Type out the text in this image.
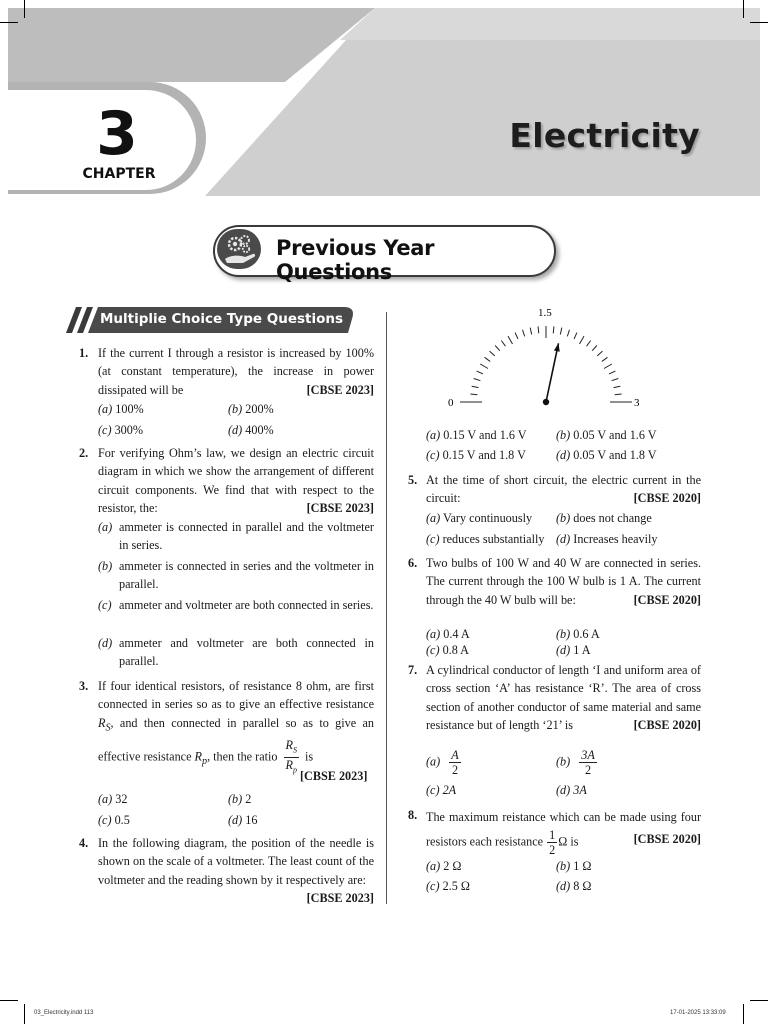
3
CHAPTER
Electricity
Previous Year Questions
Multiplie Choice Type Questions
1. If the current I through a resistor is increased by 100% (at constant temperature), the increase in power dissipated will be	[CBSE 2023]
(a) 100%	(b) 200%
(c) 300%	(d) 400%
2. For verifying Ohm’s law, we design an electric circuit diagram in which we show the arrangement of different circuit components. We find that with respect to the resistor, the:	[CBSE 2023]
(a) ammeter is connected in parallel and the voltmeter in series.
(b) ammeter is connected in series and the voltmeter in parallel.
(c) ammeter and voltmeter are both connected in series.
(d) ammeter and voltmeter are both connected in parallel.
3. If four identical resistors, of resistance 8 ohm, are first connected in series so as to give an effective resistance $R_S$, and then connected in parallel so as to give an effective resistance $R_p$, then the ratio $\frac{R_S}{R_p}$ is
[CBSE 2023]
(a) 32	(b) 2
(c) 0.5	(d) 16
4. In the following diagram, the position of the needle is shown on the scale of a voltmeter. The least count of the voltmeter and the reading shown by it respectively are:
[CBSE 2023]
0
1.5
3
(a) 0.15 V and 1.6 V (b) 0.05 V and 1.6 V
(c) 0.15 V and 1.8 V (d) 0.05 V and 1.8 V
5. At the time of short circuit, the electric current in the circuit:	[CBSE 2020]
(a) Vary continuously (b) does not change
(c) reduces substantially (d) Increases heavily
6. Two bulbs of 100 W and 40 W are connected in series. The current through the 100 W bulb is 1 A. The current through the 40 W bulb will be:	[CBSE 2020]
(a) 0.4 A	(b) 0.6 A
(c) 0.8 A	(d) 1 A
7. A cylindrical conductor of length ‘I and uniform area of cross section ‘A’ has resistance ‘R’. The area of cross section of another conductor of same material and same resistance but of length ‘21’ is	[CBSE 2020]
$(a) \frac{A}{2}$	$(b) \frac{3A}{2}$
(c) 2A	(d) 3A
8. The maximum reistance which can be made using four resistors each resistance $\frac{1}{2}$ Ω is	[CBSE 2020]
(a) 2 Ω	(b) 1 Ω
(c) 2.5 Ω	(d) 8 Ω
03_Electricity.indd 113	17-01-2025 13:33:09
